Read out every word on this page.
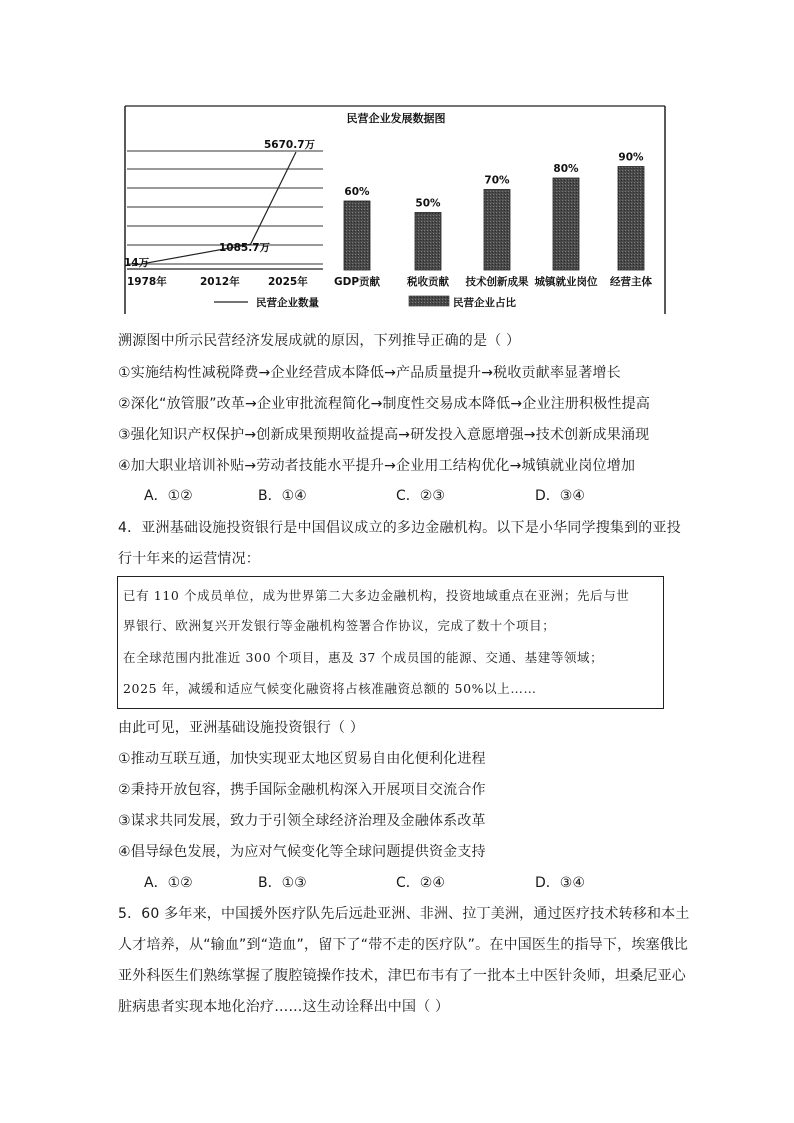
民营企业发展数据图
14万
1085.7万
5670.7万
1978年	2012年	2025年
60%
GDP贡献
50%
税收贡献
70%
技术创新成果
80%
城镇就业岗位
90%
经营主体
民营企业数量	民营企业占比
溯源图中所示民营经济发展成就的原因，下列推导正确的是（ ）
①实施结构性减税降费→企业经营成本降低→产品质量提升→税收贡献率显著增长
②深化“放管服”改革→企业审批流程简化→制度性交易成本降低→企业注册积极性提高
③强化知识产权保护→创新成果预期收益提高→研发投入意愿增强→技术创新成果涌现
④加大职业培训补贴→劳动者技能水平提升→企业用工结构优化→城镇就业岗位增加
A．①②	B．①④	C．②③	D．③④
4．亚洲基础设施投资银行是中国倡议成立的多边金融机构。以下是小华同学搜集到的亚投
行十年来的运营情况：
已有 110 个成员单位，成为世界第二大多边金融机构，投资地域重点在亚洲；先后与世
界银行、欧洲复兴开发银行等金融机构签署合作协议，完成了数十个项目；
在全球范围内批准近 300 个项目，惠及 37 个成员国的能源、交通、基建等领域；
2025 年，减缓和适应气候变化融资将占核准融资总额的 50%以上……
由此可见，亚洲基础设施投资银行（ ）
①推动互联互通，加快实现亚太地区贸易自由化便利化进程
②秉持开放包容，携手国际金融机构深入开展项目交流合作
③谋求共同发展，致力于引领全球经济治理及金融体系改革
④倡导绿色发展，为应对气候变化等全球问题提供资金支持
A．①②	B．①③	C．②④	D．③④
5．60 多年来，中国援外医疗队先后远赴亚洲、非洲、拉丁美洲，通过医疗技术转移和本土
人才培养，从“输血”到“造血”，留下了“带不走的医疗队”。在中国医生的指导下，埃塞俄比
亚外科医生们熟练掌握了腹腔镜操作技术，津巴布韦有了一批本土中医针灸师，坦桑尼亚心
脏病患者实现本地化治疗……这生动诠释出中国（ ）
